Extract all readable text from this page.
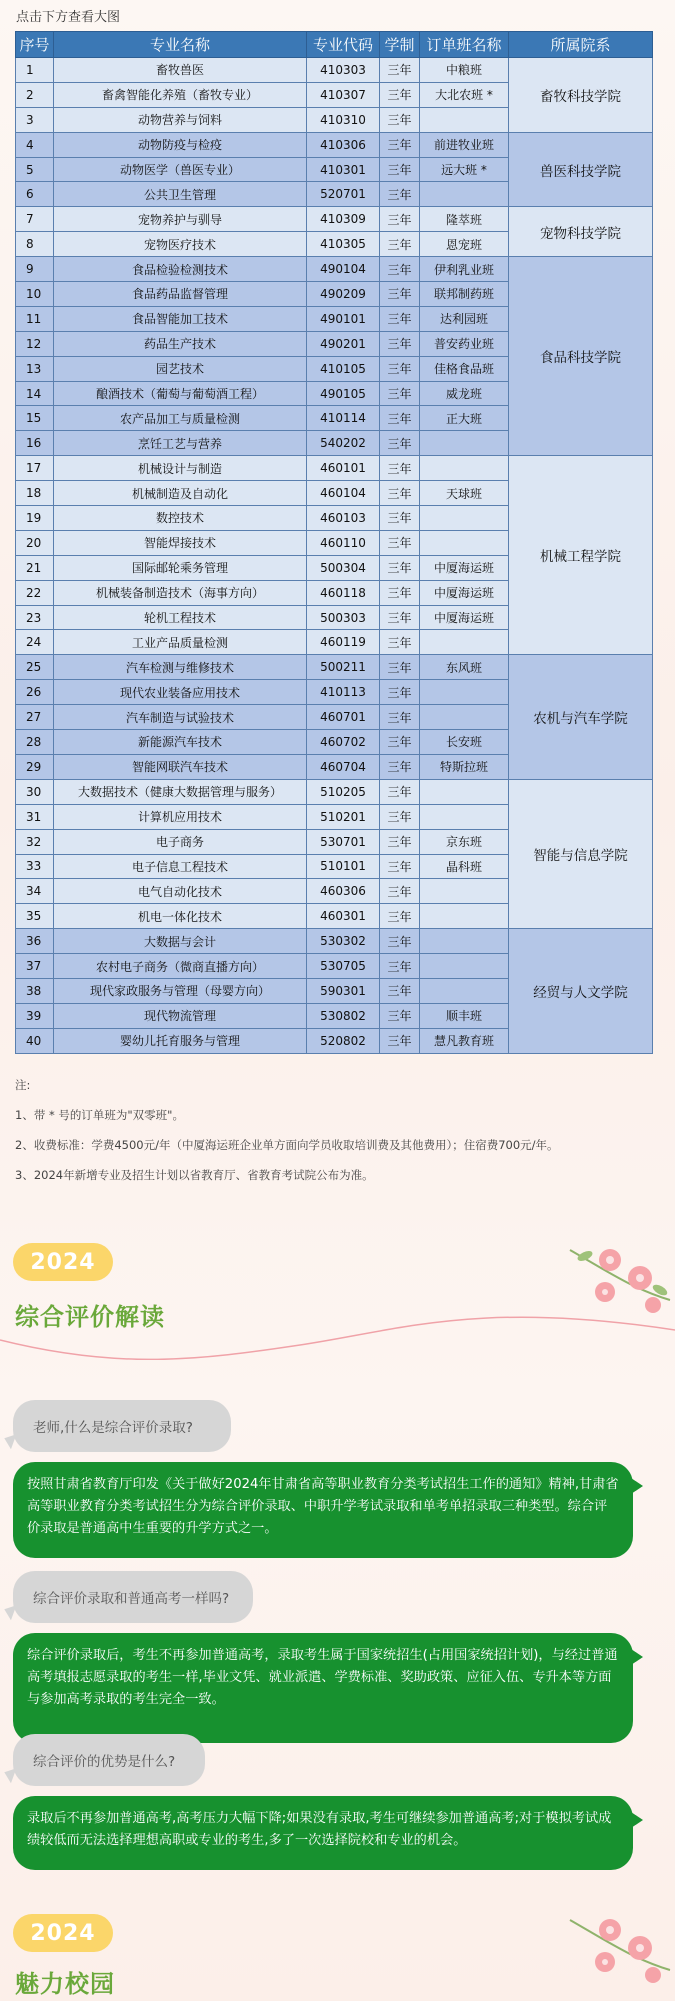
点击下方查看大图
序号	专业名称	专业代码	学制	订单班名称	所属院系
1	畜牧兽医	410303	三年	中粮班	畜牧科技学院
2	畜禽智能化养殖（畜牧专业）	410307	三年	大北农班 *	
3	动物营养与饲料	410310	三年		
4	动物防疫与检疫	410306	三年	前进牧业班	兽医科技学院
5	动物医学（兽医专业）	410301	三年	远大班 *	
6	公共卫生管理	520701	三年		
7	宠物养护与驯导	410309	三年	隆萃班	宠物科技学院
8	宠物医疗技术	410305	三年	恩宠班	
9	食品检验检测技术	490104	三年	伊利乳业班	食品科技学院
10	食品药品监督管理	490209	三年	联邦制药班	
11	食品智能加工技术	490101	三年	达利园班	
12	药品生产技术	490201	三年	普安药业班	
13	园艺技术	410105	三年	佳格食品班	
14	酿酒技术（葡萄与葡萄酒工程）	490105	三年	威龙班	
15	农产品加工与质量检测	410114	三年	正大班	
16	烹饪工艺与营养	540202	三年		
17	机械设计与制造	460101	三年		机械工程学院
18	机械制造及自动化	460104	三年	天球班	
19	数控技术	460103	三年		
20	智能焊接技术	460110	三年		
21	国际邮轮乘务管理	500304	三年	中厦海运班	
22	机械装备制造技术（海事方向）	460118	三年	中厦海运班	
23	轮机工程技术	500303	三年	中厦海运班	
24	工业产品质量检测	460119	三年		
25	汽车检测与维修技术	500211	三年	东风班	农机与汽车学院
26	现代农业装备应用技术	410113	三年		
27	汽车制造与试验技术	460701	三年		
28	新能源汽车技术	460702	三年	长安班	
29	智能网联汽车技术	460704	三年	特斯拉班	
30	大数据技术（健康大数据管理与服务）	510205	三年		智能与信息学院
31	计算机应用技术	510201	三年		
32	电子商务	530701	三年	京东班	
33	电子信息工程技术	510101	三年	晶科班	
34	电气自动化技术	460306	三年		
35	机电一体化技术	460301	三年		
36	大数据与会计	530302	三年		经贸与人文学院
37	农村电子商务（微商直播方向）	530705	三年		
38	现代家政服务与管理（母婴方向）	590301	三年		
39	现代物流管理	530802	三年	顺丰班	
40	婴幼儿托育服务与管理	520802	三年	慧凡教育班	

注:

1、带 * 号的订单班为"双零班"。

2、收费标准：学费4500元/年（中厦海运班企业单方面向学员收取培训费及其他费用）；住宿费700元/年。

3、2024年新增专业及招生计划以省教育厅、省教育考试院公布为准。

2024
综合评价解读
老师,什么是综合评价录取?
按照甘肃省教育厅印发《关于做好2024年甘肃省高等职业教育分类考试招生工作的通知》精神,甘肃省高等职业教育分类考试招生分为综合评价录取、中职升学考试录取和单考单招录取三种类型。综合评价录取是普通高中生重要的升学方式之一。
综合评价录取和普通高考一样吗?
综合评价录取后，考生不再参加普通高考，录取考生属于国家统招生(占用国家统招计划)，与经过普通高考填报志愿录取的考生一样,毕业文凭、就业派遣、学费标准、奖助政策、应征入伍、专升本等方面与参加高考录取的考生完全一致。
综合评价的优势是什么?
录取后不再参加普通高考,高考压力大幅下降;如果没有录取,考生可继续参加普通高考;对于模拟考试成绩较低而无法选择理想高职或专业的考生,多了一次选择院校和专业的机会。
2024
魅力校园
